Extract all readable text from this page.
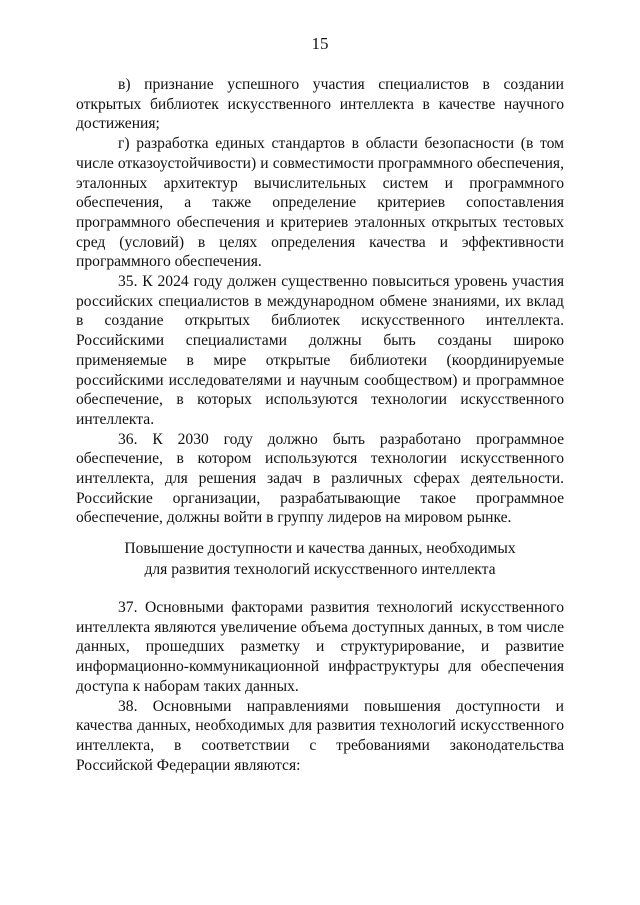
15

в) признание успешного участия специалистов в создании открытых библиотек искусственного интеллекта в качестве научного достижения;

г) разработка единых стандартов в области безопасности (в том числе отказоустойчивости) и совместимости программного обеспечения, эталонных архитектур вычислительных систем и программного обеспечения, а также определение критериев сопоставления программного обеспечения и критериев эталонных открытых тестовых сред (условий) в целях определения качества и эффективности программного обеспечения.

35. К 2024 году должен существенно повыситься уровень участия российских специалистов в международном обмене знаниями, их вклад в создание открытых библиотек искусственного интеллекта. Российскими специалистами должны быть созданы широко применяемые в мире открытые библиотеки (координируемые российскими исследователями и научным сообществом) и программное обеспечение, в которых используются технологии искусственного интеллекта.

36. К 2030 году должно быть разработано программное обеспечение, в котором используются технологии искусственного интеллекта, для решения задач в различных сферах деятельности. Российские организации, разрабатывающие такое программное обеспечение, должны войти в группу лидеров на мировом рынке.

Повышение доступности и качества данных, необходимых
для развития технологий искусственного интеллекта

37. Основными факторами развития технологий искусственного интеллекта являются увеличение объема доступных данных, в том числе данных, прошедших разметку и структурирование, и развитие информационно-коммуникационной инфраструктуры для обеспечения доступа к наборам таких данных.

38. Основными направлениями повышения доступности и качества данных, необходимых для развития технологий искусственного интеллекта, в соответствии с требованиями законодательства Российской Федерации являются:
